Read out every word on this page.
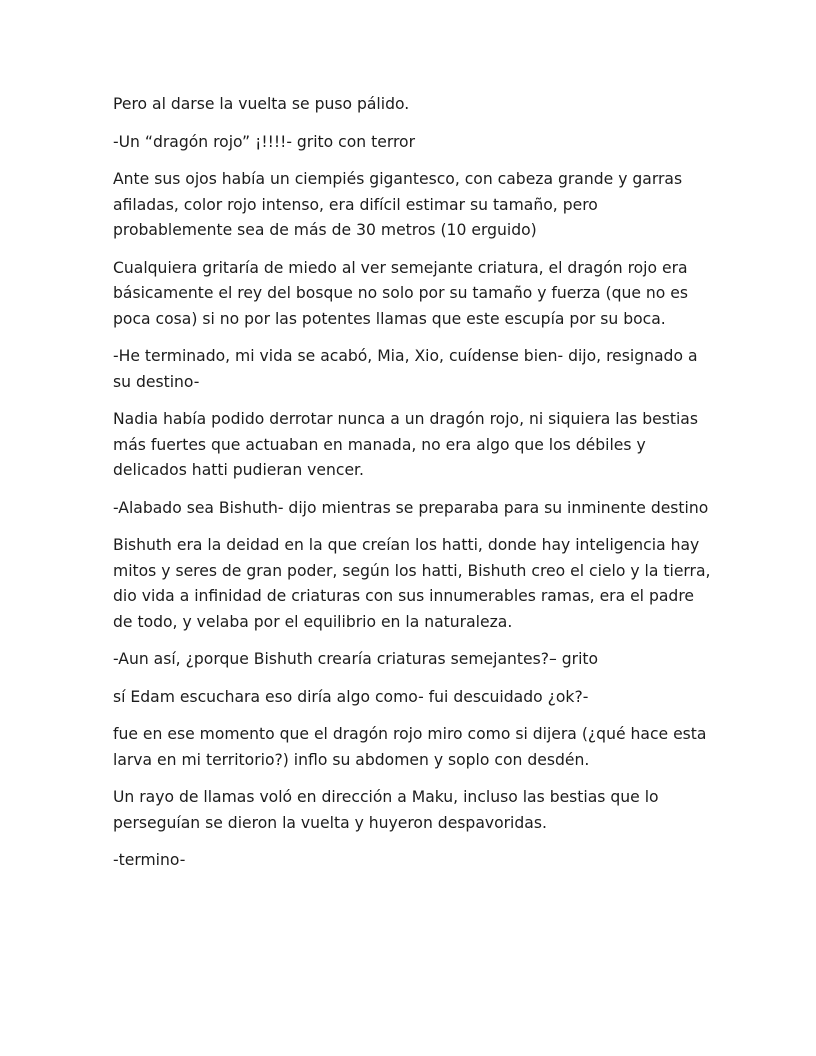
Pero al darse la vuelta se puso pálido.

-Un “dragón rojo” ¡!!!!- grito con terror

Ante sus ojos había un ciempiés gigantesco, con cabeza grande y garras afiladas, color rojo intenso, era difícil estimar su tamaño, pero probablemente sea de más de 30 metros (10 erguido)

Cualquiera gritaría de miedo al ver semejante criatura, el dragón rojo era básicamente el rey del bosque no solo por su tamaño y fuerza (que no es poca cosa) si no por las potentes llamas que este escupía por su boca.

-He terminado, mi vida se acabó, Mia, Xio, cuídense bien- dijo, resignado a su destino-

Nadia había podido derrotar nunca a un dragón rojo, ni siquiera las bestias más fuertes que actuaban en manada, no era algo que los débiles y delicados hatti pudieran vencer.

-Alabado sea Bishuth- dijo mientras se preparaba para su inminente destino

Bishuth era la deidad en la que creían los hatti, donde hay inteligencia hay mitos y seres de gran poder, según los hatti, Bishuth creo el cielo y la tierra, dio vida a infinidad de criaturas con sus innumerables ramas, era el padre de todo, y velaba por el equilibrio en la naturaleza.

-Aun así, ¿porque Bishuth crearía criaturas semejantes?– grito

sí Edam escuchara eso diría algo como- fui descuidado ¿ok?-

fue en ese momento que el dragón rojo miro como si dijera (¿qué hace esta larva en mi territorio?) inflo su abdomen y soplo con desdén.

Un rayo de llamas voló en dirección a Maku, incluso las bestias que lo perseguían se dieron la vuelta y huyeron despavoridas.

-termino-
